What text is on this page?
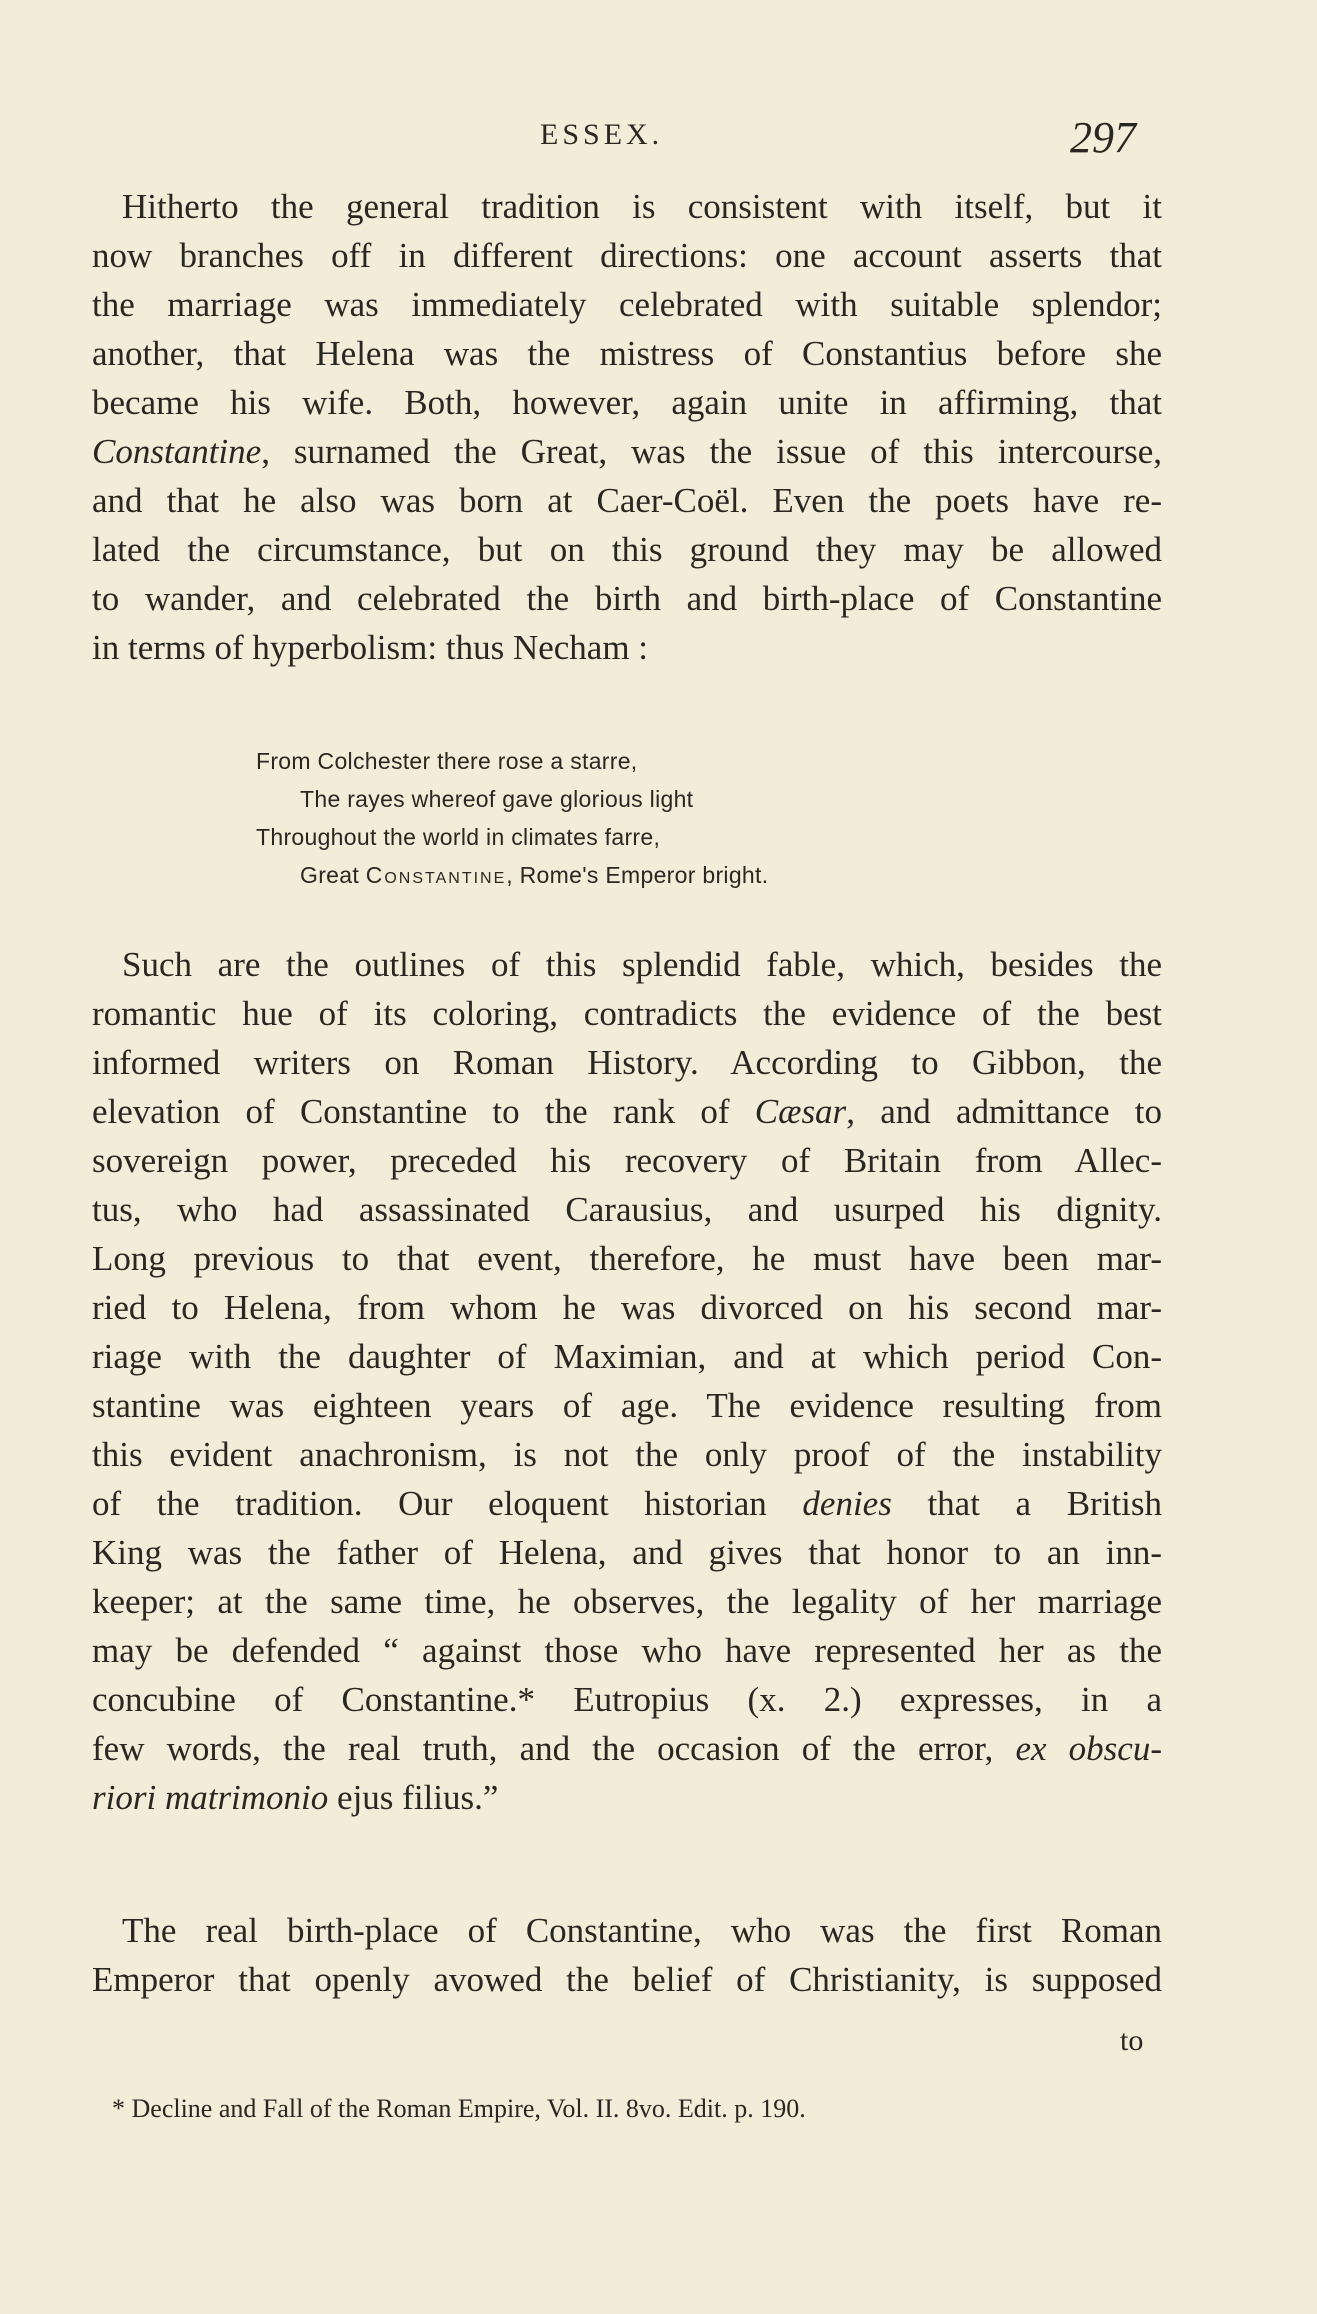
ESSEX.	297
Hitherto the general tradition is consistent with itself, but it
now branches off in different directions: one account asserts that
the marriage was immediately celebrated with suitable splendor;
another, that Helena was the mistress of Constantius before she
became his wife. Both, however, again unite in affirming, that
Constantine, surnamed the Great, was the issue of this intercourse,
and that he also was born at Caer-Coël. Even the poets have re-
lated the circumstance, but on this ground they may be allowed
to wander, and celebrated the birth and birth-place of Constantine
in terms of hyperbolism: thus Necham :
From Colchester there rose a starre,
The rayes whereof gave glorious light
Throughout the world in climates farre,
Great Constantine, Rome's Emperor bright.
Such are the outlines of this splendid fable, which, besides the
romantic hue of its coloring, contradicts the evidence of the best
informed writers on Roman History. According to Gibbon, the
elevation of Constantine to the rank of Cæsar, and admittance to
sovereign power, preceded his recovery of Britain from Allec-
tus, who had assassinated Carausius, and usurped his dignity.
Long previous to that event, therefore, he must have been mar-
ried to Helena, from whom he was divorced on his second mar-
riage with the daughter of Maximian, and at which period Con-
stantine was eighteen years of age. The evidence resulting from
this evident anachronism, is not the only proof of the instability
of the tradition. Our eloquent historian denies that a British
King was the father of Helena, and gives that honor to an inn-
keeper; at the same time, he observes, the legality of her marriage
may be defended “ against those who have represented her as the
concubine of Constantine.* Eutropius (x. 2.) expresses, in a
few words, the real truth, and the occasion of the error, ex obscu-
riori matrimonio ejus filius.”
The real birth-place of Constantine, who was the first Roman
Emperor that openly avowed the belief of Christianity, is supposed
to
* Decline and Fall of the Roman Empire, Vol. II. 8vo. Edit. p. 190.
